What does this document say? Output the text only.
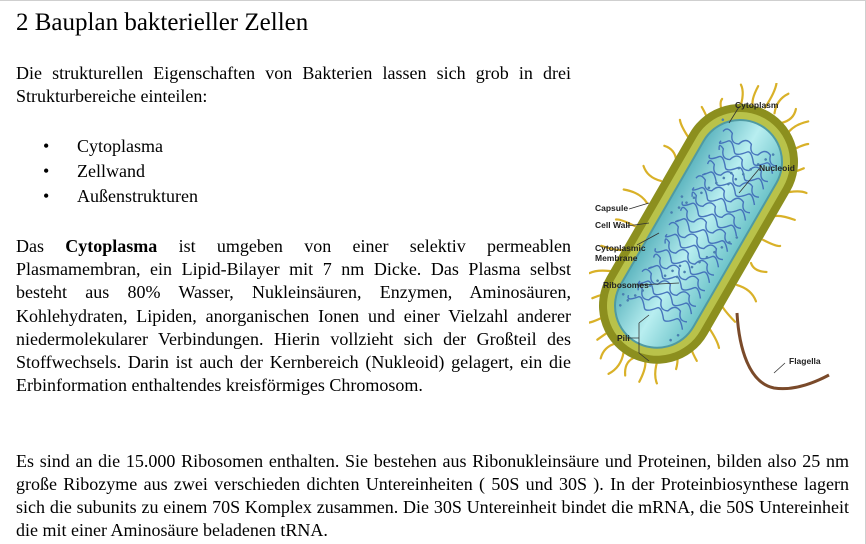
2 Bauplan bakterieller Zellen

Die strukturellen Eigenschaften von Bakterien lassen sich grob in drei Strukturbereiche einteilen:

• Cytoplasma
• Zellwand
• Außenstrukturen

Das Cytoplasma ist umgeben von einer selektiv permeablen Plasmamembran, ein Lipid-Bilayer mit 7 nm Dicke. Das Plasma selbst besteht aus 80% Wasser, Nukleinsäuren, Enzymen, Aminosäuren, Kohlehydraten, Lipiden, anorganischen Ionen und einer Vielzahl anderer niedermolekularer Verbindungen. Hierin vollzieht sich der Großteil des Stoffwechsels. Darin ist auch der Kernbereich (Nukleoid) gelagert, ein die Erbinformation enthaltendes kreisförmiges Chromosom.

Es sind an die 15.000 Ribosomen enthalten. Sie bestehen aus Ribonukleinsäure und Proteinen, bilden also 25 nm große Ribozyme aus zwei verschieden dichten Untereinheiten ( 50S und 30S ). In der Proteinbiosynthese lagern sich die subunits zu einem 70S Komplex zusammen. Die 30S Untereinheit bindet die mRNA, die 50S Untereinheit die mit einer Aminosäure beladenen tRNA.

Cytoplasm
Nucleoid
Capsule
Cell Wall
Cytoplasmic
Membrane
Ribosomes
Pili
Flagella
